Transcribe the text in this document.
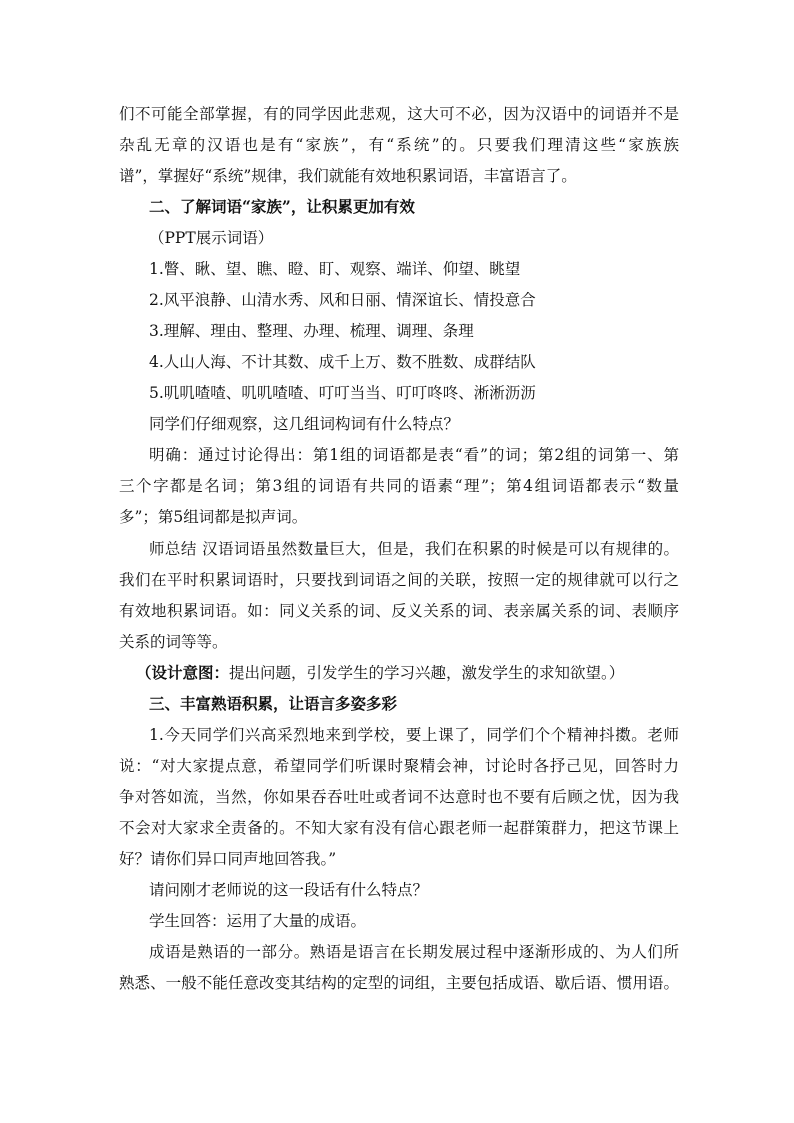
们不可能全部掌握，有的同学因此悲观，这大可不必，因为汉语中的词语并不是
杂乱无章的汉语也是有“家族”，有“系统”的。只要我们理清这些“家族族
谱”，掌握好“系统”规律，我们就能有效地积累词语，丰富语言了。
二、了解词语“家族”，让积累更加有效
（PPT展示词语）
1.瞥、瞅、望、瞧、瞪、盯、观察、端详、仰望、眺望
2.风平浪静、山清水秀、风和日丽、情深谊长、情投意合
3.理解、理由、整理、办理、梳理、调理、条理
4.人山人海、不计其数、成千上万、数不胜数、成群结队
5.叽叽喳喳、叽叽喳喳、叮叮当当、叮叮咚咚、淅淅沥沥
同学们仔细观察，这几组词构词有什么特点？
明确：通过讨论得出：第1组的词语都是表“看”的词；第2组的词第一、第
三个字都是名词；第3组的词语有共同的语素“理”；第4组词语都表示“数量
多”；第5组词都是拟声词。
师总结 汉语词语虽然数量巨大，但是，我们在积累的时候是可以有规律的。
我们在平时积累词语时，只要找到词语之间的关联，按照一定的规律就可以行之
有效地积累词语。如：同义关系的词、反义关系的词、表亲属关系的词、表顺序
关系的词等等。
（设计意图：提出问题，引发学生的学习兴趣，激发学生的求知欲望。）
三、丰富熟语积累，让语言多姿多彩
1.今天同学们兴高采烈地来到学校，要上课了，同学们个个精神抖擞。老师
说：“对大家提点意，希望同学们听课时聚精会神，讨论时各抒己见，回答时力
争对答如流，当然，你如果吞吞吐吐或者词不达意时也不要有后顾之忧，因为我
不会对大家求全责备的。不知大家有没有信心跟老师一起群策群力，把这节课上
好？请你们异口同声地回答我。”
请问刚才老师说的这一段话有什么特点？
学生回答：运用了大量的成语。
成语是熟语的一部分。熟语是语言在长期发展过程中逐渐形成的、为人们所
熟悉、一般不能任意改变其结构的定型的词组，主要包括成语、歇后语、惯用语。
